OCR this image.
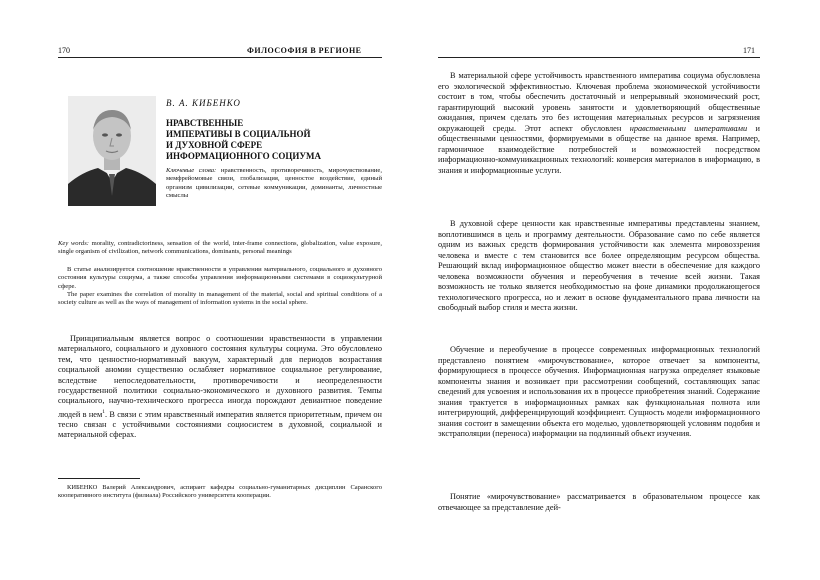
170	ФИЛОСОФИЯ В РЕГИОНЕ
В. А. КИБЕНКО
НРАВСТВЕННЫЕ
ИМПЕРАТИВЫ В СОЦИАЛЬНОЙ
И ДУХОВНОЙ СФЕРЕ
ИНФОРМАЦИОННОГО СОЦИУМА
Ключевые слова: нравственность, противоречивость, мирочувствование, мемфрейомовые связи, глобализация, ценностое воздействие, единый организм цивилизации, сетевые коммуникации, доминанты, личностные смыслы
Key words: morality, contradictoriness, sensation of the world, inter-frame connections, globalization, value exposure, single organism of civilization, network communications, dominants, personal meanings
В статье анализируется соотношение нравственности в управлении материального, социального и духовного состояния культуры социума, а также способы управления информационными системами в социокультурной сфере.
The paper examines the correlation of morality in management of the material, social and spiritual conditions of a society culture as well as the ways of management of information systems in the social sphere.
Принципиальным является вопрос о соотношении нравственности в управлении материального, социального и духовного состояния культуры социума. Это обусловлено тем, что ценностно-нормативный вакуум, характерный для периодов возрастания социальной аномии существенно ослабляет нормативное социальное регулирование, вследствие непоследовательности, противоречивости и неопределенности государственной политики социально-экономического и духовного развития. Темпы социального, научно-технического прогресса иногда порождают девиантное поведение людей в нем$^1$. В связи с этим нравственный императив является приоритетным, причем он тесно связан с устойчивыми состояниями социосистем в духовной, социальной и материальной сферах.
КИБЕНКО Валерий Александрович, аспирант кафедры социально-гуманитарных дисциплин Саранского кооперативного института (филиала) Российского университета кооперации.
171

В материальной сфере устойчивость нравственного императива социума обусловлена его экологической эффективностью. Ключевая проблема экономической устойчивости состоит в том, чтобы обеспечить достаточный и непрерывный экономический рост, гарантирующий высокий уровень занятости и удовлетворяющий общественные ожидания, причем сделать это без истощения материальных ресурсов и загрязнения окружающей среды. Этот аспект обусловлен нравственными императивами и общественными ценностями, формируемыми в обществе на данное время. Например, гармоничное взаимодействие потребностей и возможностей посредством информационно-коммуникационных технологий: конверсия материалов в информацию, в знания и информационные услуги.

В духовной сфере ценности как нравственные императивы представлены знанием, воплотившимся в цель и программу деятельности. Образование само по себе является одним из важных средств формирования устойчивости как элемента мировоззрения человека и вместе с тем становится все более определяющим ресурсом общества. Решающий вклад информационное общество может внести в обеспечение для каждого человека возможности обучения и переобучения в течение всей жизни. Такая возможность не только является необходимостью на фоне динамики продолжающегося технологического прогресса, но и лежит в основе фундаментального права личности на свободный выбор стиля и места жизни.

Обучение и переобучение в процессе современных информационных технологий представлено понятием «мирочувствование», которое отвечает за компоненты, формирующиеся в процессе обучения. Информационная нагрузка определяет языковые компоненты знания и возникает при рассмотрении сообщений, составляющих запас сведений для усвоения и использования их в процессе приобретения знаний. Содержание знания трактуется в информационных рамках как функциональная полнота или интегрирующий, дифференцирующий коэффициент. Сущность модели информационного знания состоит в замещении объекта его моделью, удовлетворяющей условиям подобия и экстраполяции (переноса) информации на подлинный объект изучения.

Понятие «мирочувствование» рассматривается в образовательном процессе как отвечающее за представление дей-
